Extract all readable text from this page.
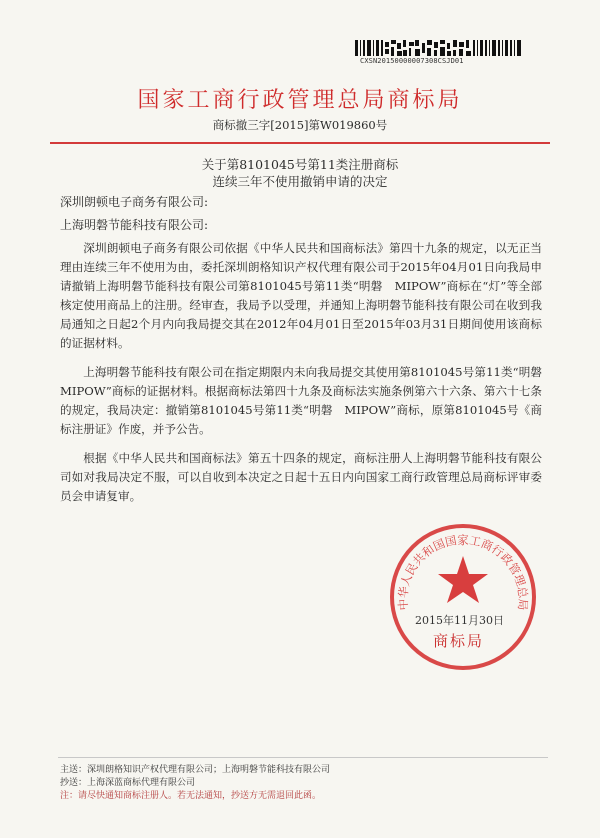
CXSN20150000007308CSJD01
国家工商行政管理总局商标局
商标撤三字[2015]第W019860号
关于第8101045号第11类注册商标
连续三年不使用撤销申请的决定
深圳朗顿电子商务有限公司:
上海明磐节能科技有限公司:

深圳朗顿电子商务有限公司依据《中华人民共和国商标法》第四十九条的规定，以无正当理由连续三年不使用为由，委托深圳朗格知识产权代理有限公司于2015年04月01日向我局申请撤销上海明磐节能科技有限公司第8101045号第11类“明磐　MIPOW”商标在“灯”等全部核定使用商品上的注册。经审查，我局予以受理，并通知上海明磐节能科技有限公司在收到我局通知之日起2个月内向我局提交其在2012年04月01日至2015年03月31日期间使用该商标的证据材料。

上海明磐节能科技有限公司在指定期限内未向我局提交其使用第8101045号第11类“明磐　MIPOW”商标的证据材料。根据商标法第四十九条及商标法实施条例第六十六条、第六十七条的规定，我局决定：撤销第8101045号第11类“明磐　MIPOW”商标，原第8101045号《商标注册证》作废，并予公告。

根据《中华人民共和国商标法》第五十四条的规定，商标注册人上海明磐节能科技有限公司如对我局决定不服，可以自收到本决定之日起十五日内向国家工商行政管理总局商标评审委员会申请复审。

中华人民共和国国家工商行政管理总局
2015年11月30日
商标局
主送：深圳朗格知识产权代理有限公司；上海明磐节能科技有限公司
抄送：上海深蓝商标代理有限公司
注：请尽快通知商标注册人。若无法通知，抄送方无需退回此函。
